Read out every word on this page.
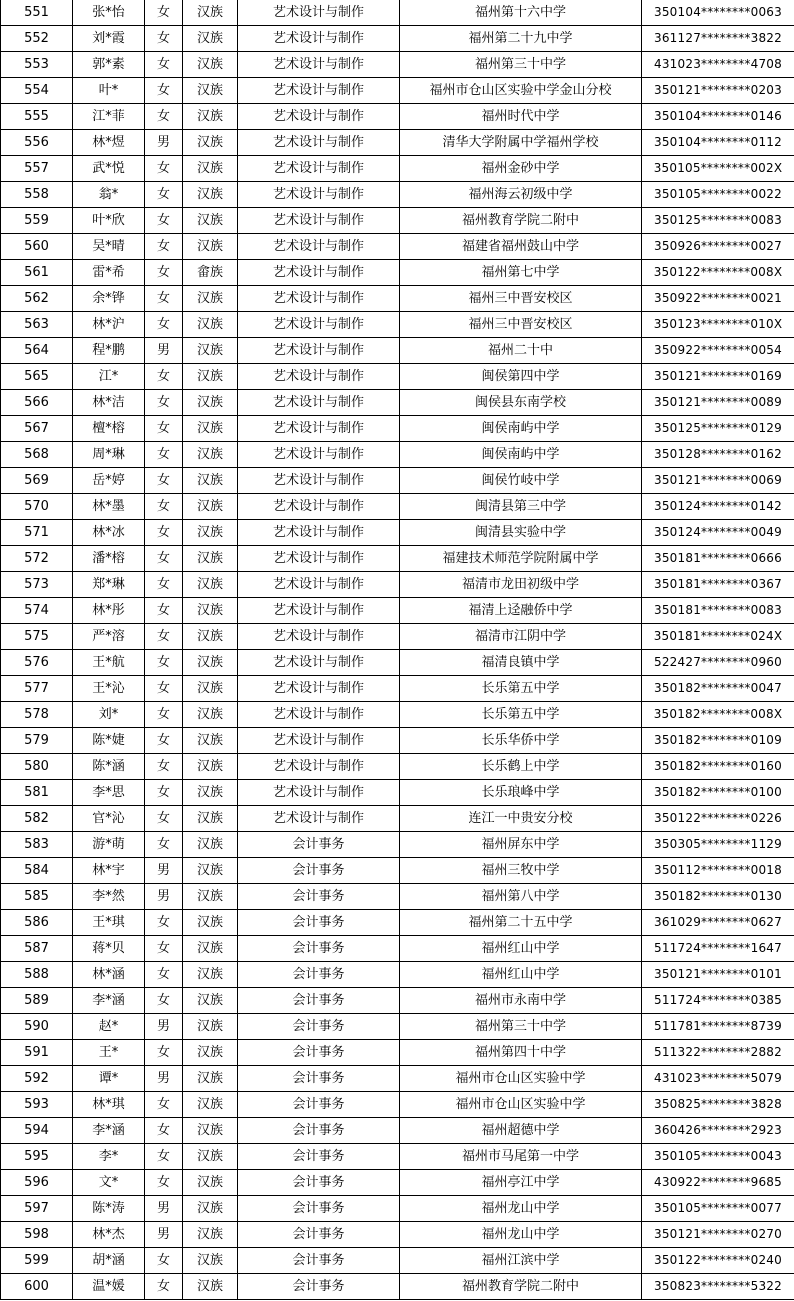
551	张*怡	女	汉族	艺术设计与制作	福州第十六中学	350104********0063
552	刘*霞	女	汉族	艺术设计与制作	福州第二十九中学	361127********3822
553	郭*素	女	汉族	艺术设计与制作	福州第三十中学	431023********4708
554	叶*	女	汉族	艺术设计与制作	福州市仓山区实验中学金山分校	350121********0203
555	江*菲	女	汉族	艺术设计与制作	福州时代中学	350104********0146
556	林*煜	男	汉族	艺术设计与制作	清华大学附属中学福州学校	350104********0112
557	武*悦	女	汉族	艺术设计与制作	福州金砂中学	350105********002X
558	翁*	女	汉族	艺术设计与制作	福州海云初级中学	350105********0022
559	叶*欣	女	汉族	艺术设计与制作	福州教育学院二附中	350125********0083
560	吴*晴	女	汉族	艺术设计与制作	福建省福州鼓山中学	350926********0027
561	雷*希	女	畲族	艺术设计与制作	福州第七中学	350122********008X
562	余*铧	女	汉族	艺术设计与制作	福州三中晋安校区	350922********0021
563	林*沪	女	汉族	艺术设计与制作	福州三中晋安校区	350123********010X
564	程*鹏	男	汉族	艺术设计与制作	福州二十中	350922********0054
565	江*	女	汉族	艺术设计与制作	闽侯第四中学	350121********0169
566	林*洁	女	汉族	艺术设计与制作	闽侯县东南学校	350121********0089
567	檀*榕	女	汉族	艺术设计与制作	闽侯南屿中学	350125********0129
568	周*琳	女	汉族	艺术设计与制作	闽侯南屿中学	350128********0162
569	岳*婷	女	汉族	艺术设计与制作	闽侯竹岐中学	350121********0069
570	林*墨	女	汉族	艺术设计与制作	闽清县第三中学	350124********0142
571	林*冰	女	汉族	艺术设计与制作	闽清县实验中学	350124********0049
572	潘*榕	女	汉族	艺术设计与制作	福建技术师范学院附属中学	350181********0666
573	郑*琳	女	汉族	艺术设计与制作	福清市龙田初级中学	350181********0367
574	林*彤	女	汉族	艺术设计与制作	福清上迳融侨中学	350181********0083
575	严*溶	女	汉族	艺术设计与制作	福清市江阴中学	350181********024X
576	王*航	女	汉族	艺术设计与制作	福清良镇中学	522427********0960
577	王*沁	女	汉族	艺术设计与制作	长乐第五中学	350182********0047
578	刘*	女	汉族	艺术设计与制作	长乐第五中学	350182********008X
579	陈*婕	女	汉族	艺术设计与制作	长乐华侨中学	350182********0109
580	陈*涵	女	汉族	艺术设计与制作	长乐鹤上中学	350182********0160
581	李*思	女	汉族	艺术设计与制作	长乐琅峰中学	350182********0100
582	官*沁	女	汉族	艺术设计与制作	连江一中贵安分校	350122********0226
583	游*萌	女	汉族	会计事务	福州屏东中学	350305********1129
584	林*宇	男	汉族	会计事务	福州三牧中学	350112********0018
585	李*然	男	汉族	会计事务	福州第八中学	350182********0130
586	王*琪	女	汉族	会计事务	福州第二十五中学	361029********0627
587	蒋*贝	女	汉族	会计事务	福州红山中学	511724********1647
588	林*涵	女	汉族	会计事务	福州红山中学	350121********0101
589	李*涵	女	汉族	会计事务	福州市永南中学	511724********0385
590	赵*	男	汉族	会计事务	福州第三十中学	511781********8739
591	王*	女	汉族	会计事务	福州第四十中学	511322********2882
592	谭*	男	汉族	会计事务	福州市仓山区实验中学	431023********5079
593	林*琪	女	汉族	会计事务	福州市仓山区实验中学	350825********3828
594	李*涵	女	汉族	会计事务	福州超德中学	360426********2923
595	李*	女	汉族	会计事务	福州市马尾第一中学	350105********0043
596	文*	女	汉族	会计事务	福州亭江中学	430922********9685
597	陈*涛	男	汉族	会计事务	福州龙山中学	350105********0077
598	林*杰	男	汉族	会计事务	福州龙山中学	350121********0270
599	胡*涵	女	汉族	会计事务	福州江滨中学	350122********0240
600	温*媛	女	汉族	会计事务	福州教育学院二附中	350823********5322
